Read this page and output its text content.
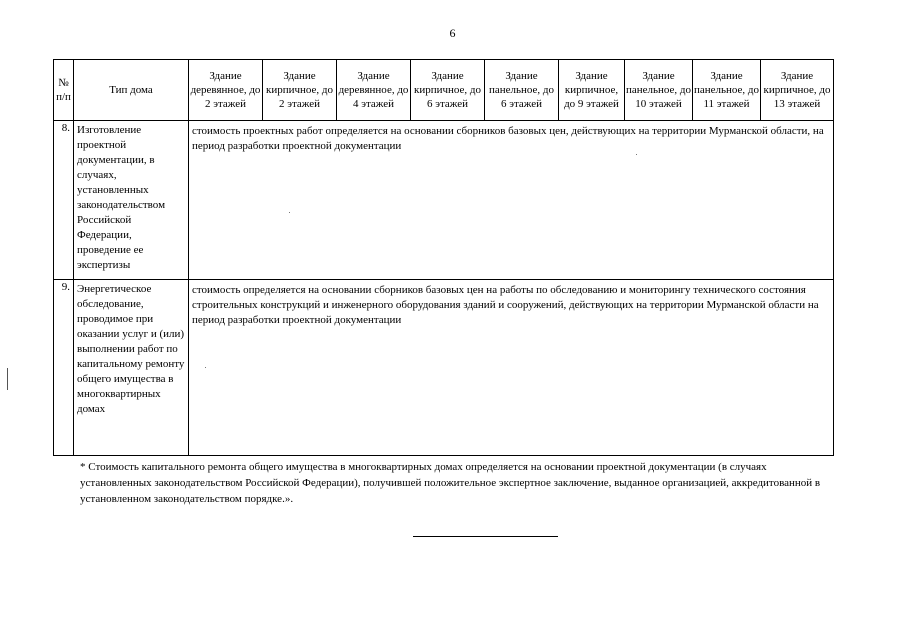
6
№ п/п	Тип дома	Здание деревянное, до 2 этажей	Здание кирпичное, до 2 этажей	Здание деревянное, до 4 этажей	Здание кирпичное, до 6 этажей	Здание панельное, до 6 этажей	Здание кирпичное, до 9 этажей	Здание панельное, до 10 этажей	Здание панельное, до 11 этажей	Здание кирпичное, до 13 этажей
8.	Изготовление проектной документации, в случаях, установленных законодательством Российской Федерации, проведение ее экспертизы	стоимость проектных работ определяется на основании сборников базовых цен, действующих на территории Мурманской области, на период разработки проектной документации								
9.	Энергетическое обследование, проводимое при оказании услуг и (или) выполнении работ по капитальному ремонту общего имущества в многоквартирных домах	стоимость определяется на основании сборников базовых цен на работы по обследованию и мониторингу технического состояния строительных конструкций и инженерного оборудования зданий и сооружений, действующих на территории Мурманской области на период разработки проектной документации								
* Стоимость капитального ремонта общего имущества в многоквартирных домах определяется на основании проектной документации (в случаях установленных законодательством Российской Федерации), получившей положительное экспертное заключение, выданное организацией, аккредитованной в установленном законодательством порядке.».
